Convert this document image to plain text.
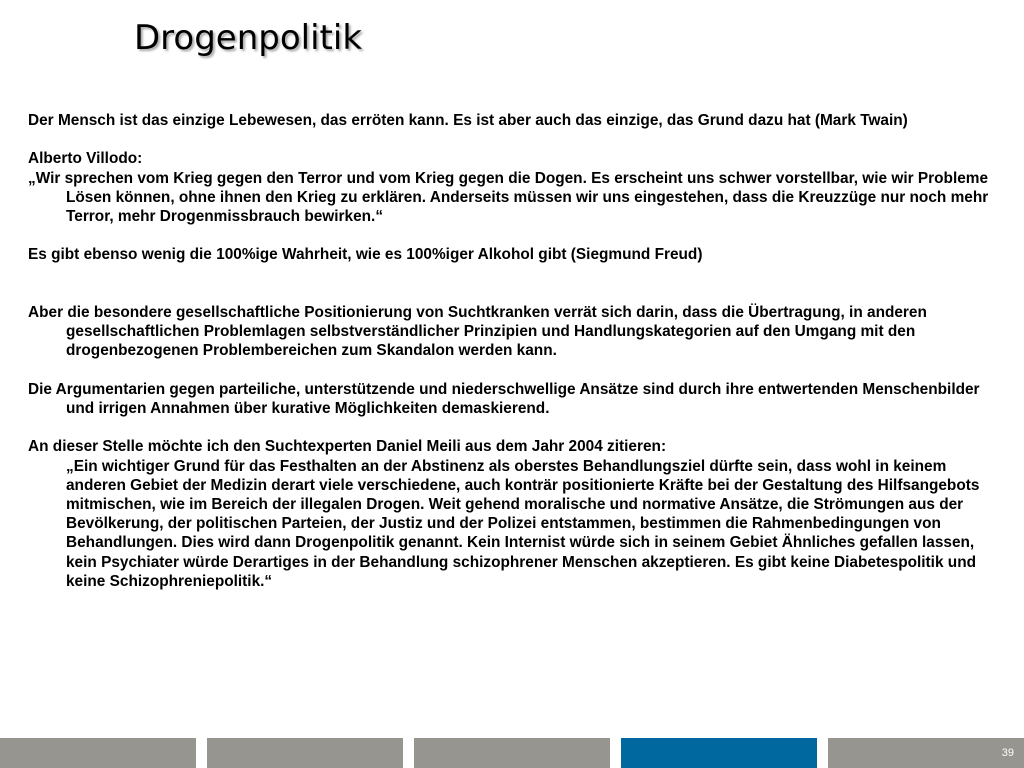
Drogenpolitik

Der Mensch ist das einzige Lebewesen, das erröten kann. Es ist aber auch das einzige, das Grund dazu hat (Mark Twain)

Alberto Villodo:

„Wir sprechen vom Krieg gegen den Terror und vom Krieg gegen die Dogen. Es erscheint uns schwer vorstellbar, wie wir Probleme Lösen können, ohne ihnen den Krieg zu erklären. Anderseits müssen wir uns eingestehen, dass die Kreuzzüge nur noch mehr Terror, mehr Drogenmissbrauch bewirken.“

Es gibt ebenso wenig die 100%ige Wahrheit, wie es 100%iger Alkohol gibt (Siegmund Freud)

Aber die besondere gesellschaftliche Positionierung von Suchtkranken verrät sich darin, dass die Übertragung, in anderen gesellschaftlichen Problemlagen selbstverständlicher Prinzipien und Handlungskategorien auf den Umgang mit den drogenbezogenen Problembereichen zum Skandalon werden kann.

Die Argumentarien gegen parteiliche, unterstützende und niederschwellige Ansätze sind durch ihre entwertenden Menschenbilder und irrigen Annahmen über kurative Möglichkeiten demaskierend.

An dieser Stelle möchte ich den Suchtexperten Daniel Meili aus dem Jahr 2004 zitieren:

„Ein wichtiger Grund für das Festhalten an der Abstinenz als oberstes Behandlungsziel dürfte sein, dass wohl in keinem anderen Gebiet der Medizin derart viele verschiedene, auch konträr positionierte Kräfte bei der Gestaltung des Hilfsangebots mitmischen, wie im Bereich der illegalen Drogen. Weit gehend moralische und normative Ansätze, die Strömungen aus der Bevölkerung, der politischen Parteien, der Justiz und der Polizei entstammen, bestimmen die Rahmenbedingungen von Behandlungen. Dies wird dann Drogenpolitik genannt. Kein Internist würde sich in seinem Gebiet Ähnliches gefallen lassen, kein Psychiater würde Derartiges in der Behandlung schizophrener Menschen akzeptieren. Es gibt keine Diabetespolitik und keine Schizophreniepolitik.“

39
